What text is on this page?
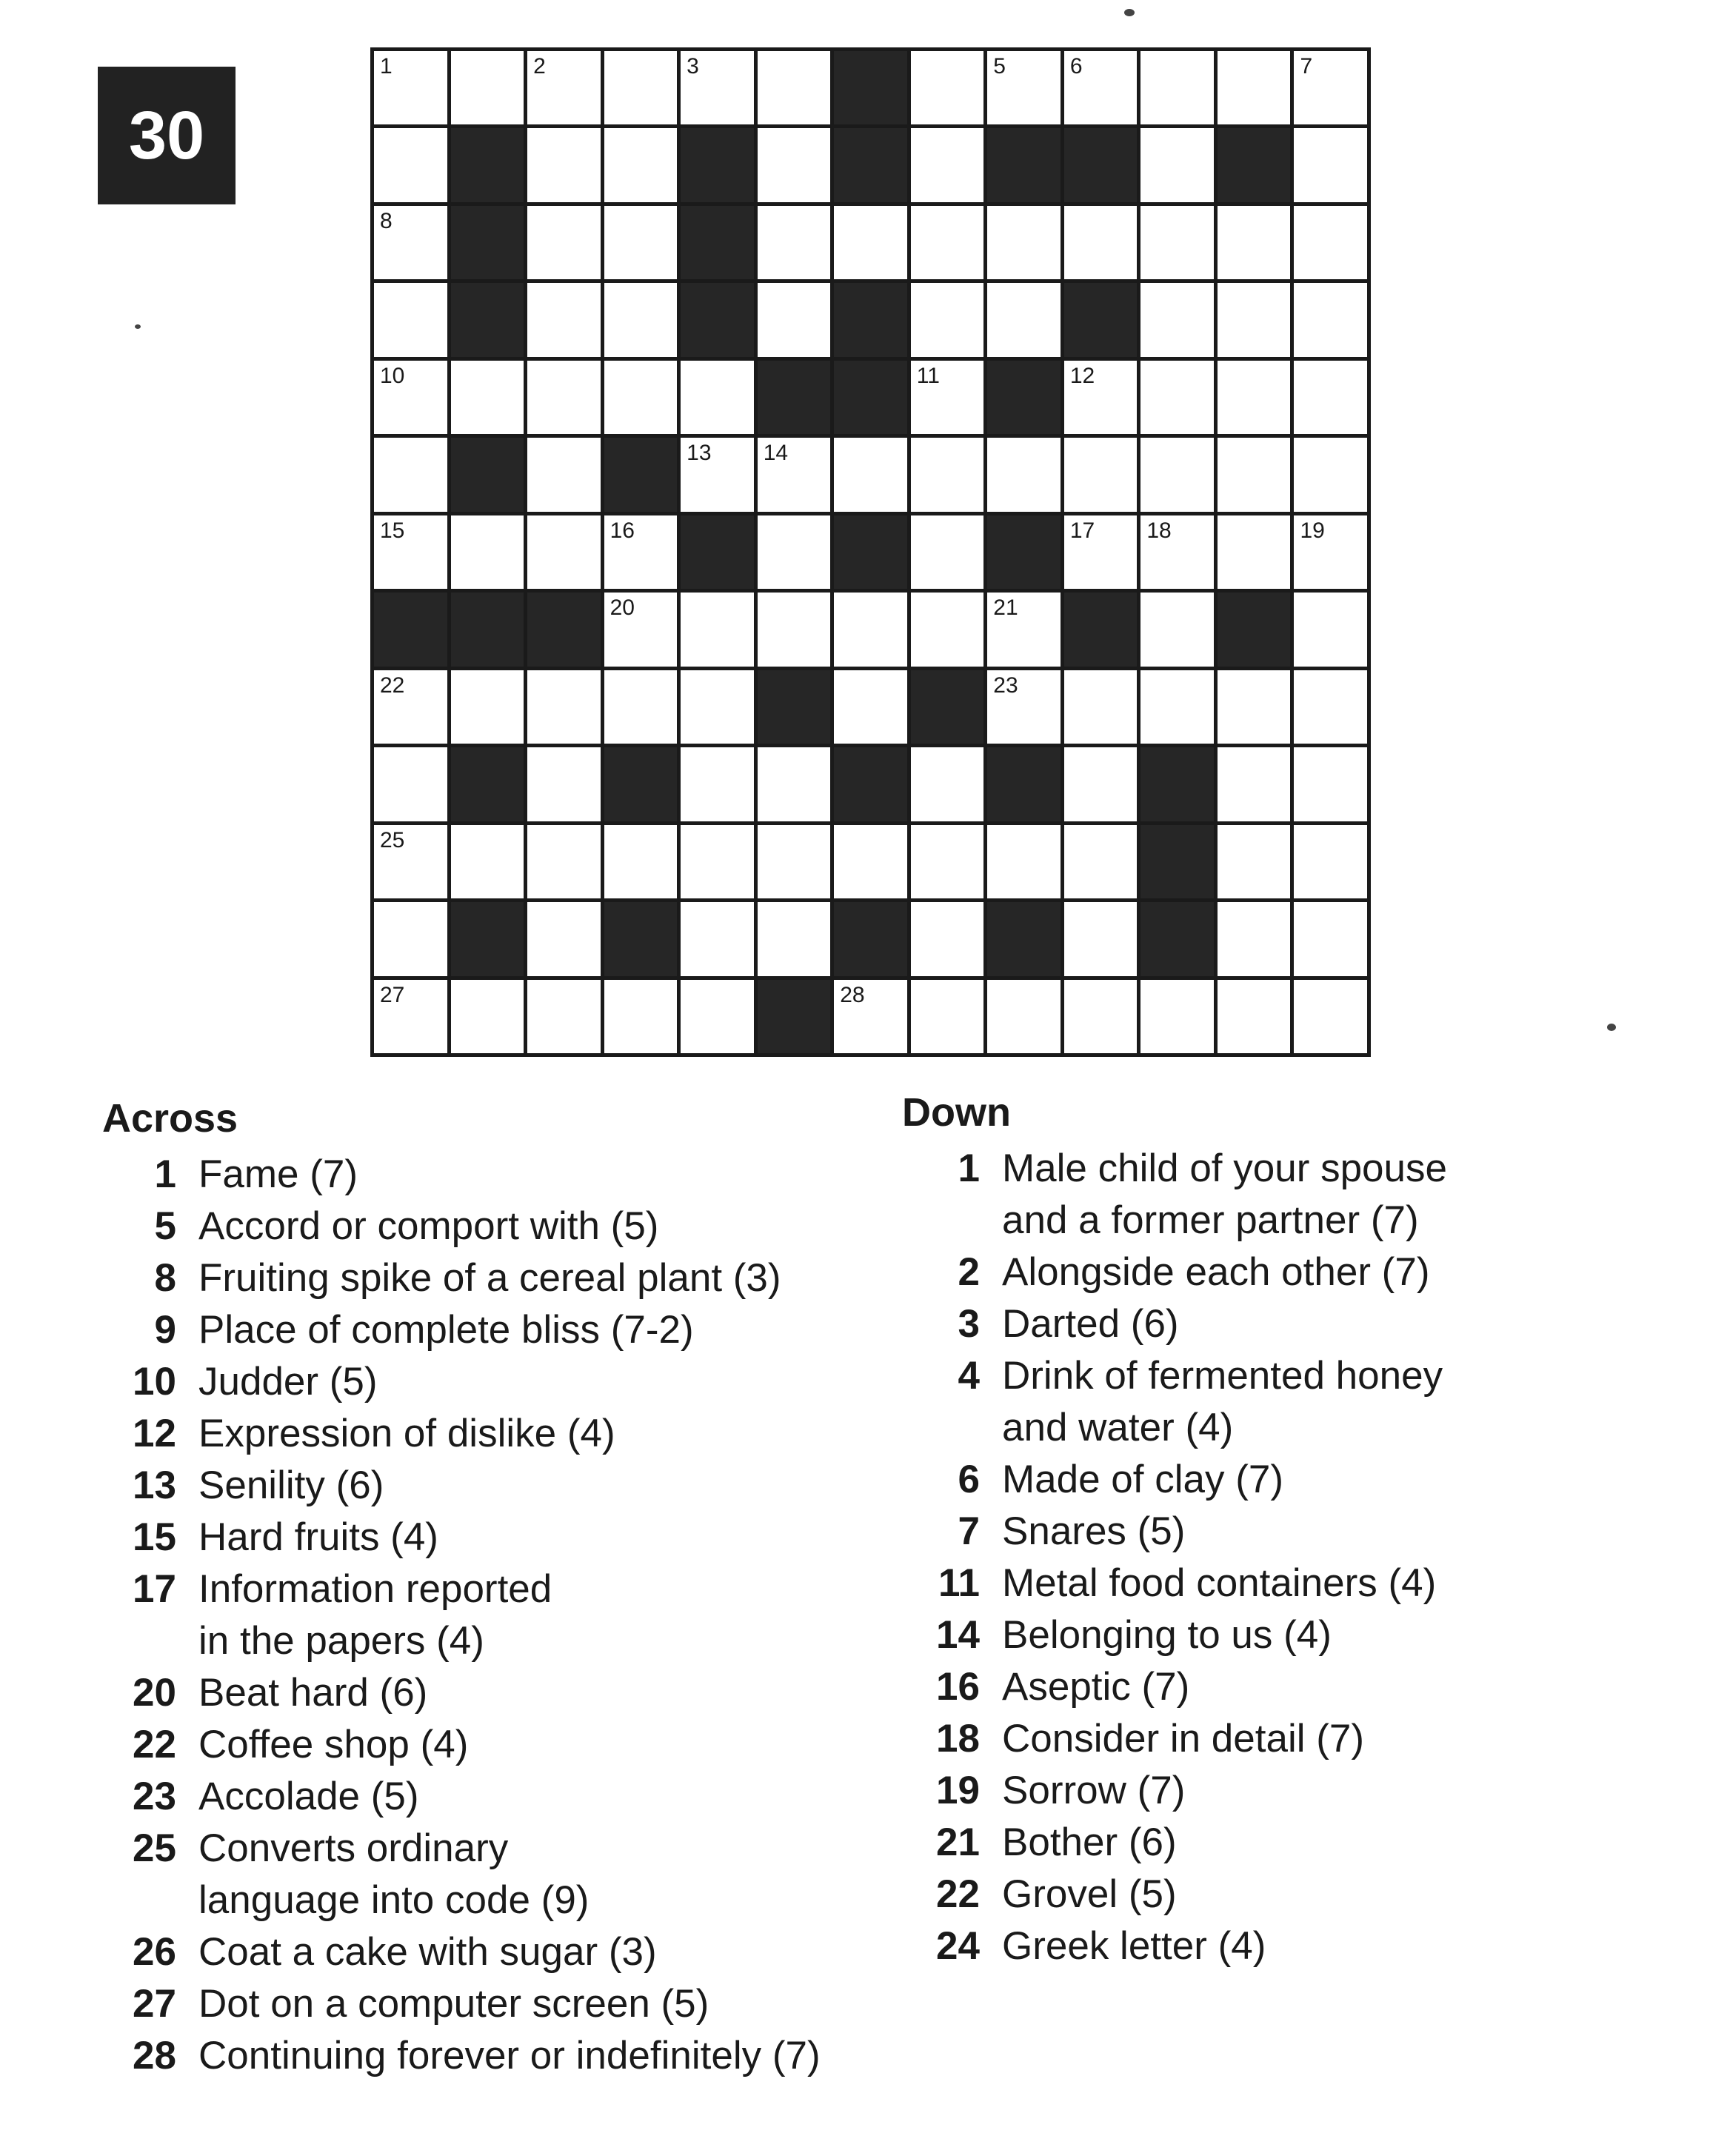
30
1	2	3	5	6	7
8
10	11	12
13 14
15	16	17 18	19
20	21
22	23
25
27	28
Across
1 Fame (7)
5 Accord or comport with (5)
8 Fruiting spike of a cereal plant (3)
9 Place of complete bliss (7-2)
10 Judder (5)
12 Expression of dislike (4)
13 Senility (6)
15 Hard fruits (4)
17 Information reported
in the papers (4)
20 Beat hard (6)
22 Coffee shop (4)
23 Accolade (5)
25 Converts ordinary
language into code (9)
26 Coat a cake with sugar (3)
27 Dot on a computer screen (5)
28 Continuing forever or indefinitely (7)
Down
1 Male child of your spouse
and a former partner (7)
2 Alongside each other (7)
3 Darted (6)
4 Drink of fermented honey
and water (4)
6 Made of clay (7)
7 Snares (5)
11 Metal food containers (4)
14 Belonging to us (4)
16 Aseptic (7)
18 Consider in detail (7)
19 Sorrow (7)
21 Bother (6)
22 Grovel (5)
24 Greek letter (4)
